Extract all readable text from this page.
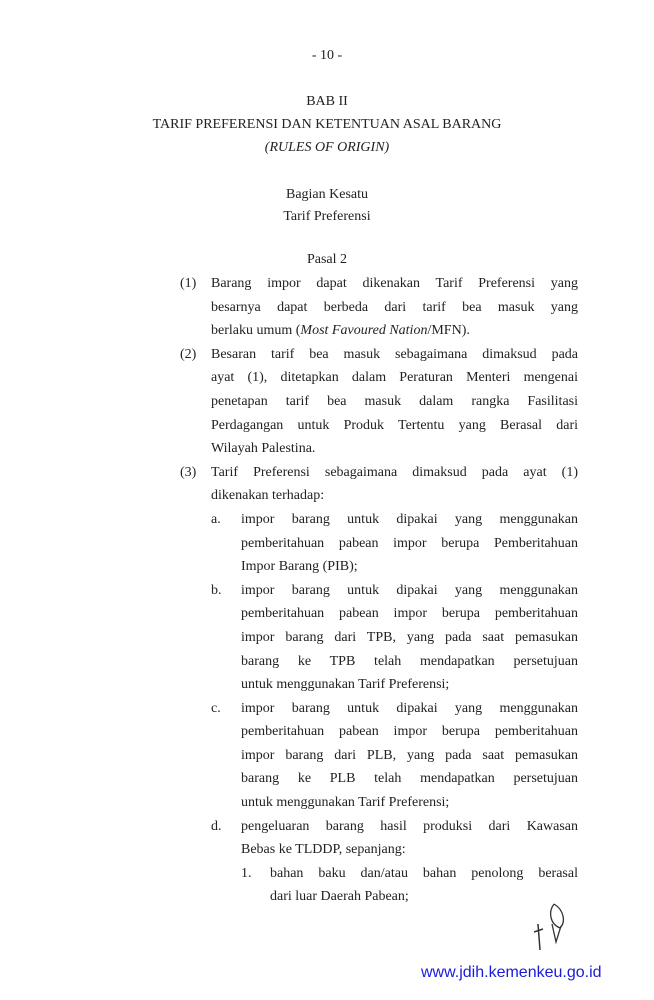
- 10 -
BAB II
TARIF PREFERENSI DAN KETENTUAN ASAL BARANG
(RULES OF ORIGIN)
Bagian Kesatu
Tarif Preferensi
Pasal 2
(1) Barang impor dapat dikenakan Tarif Preferensi yang
besarnya dapat berbeda dari tarif bea masuk yang
berlaku umum (Most Favoured Nation/MFN).
(2) Besaran tarif bea masuk sebagaimana dimaksud pada
ayat (1), ditetapkan dalam Peraturan Menteri mengenai
penetapan tarif bea masuk dalam rangka Fasilitasi
Perdagangan untuk Produk Tertentu yang Berasal dari
Wilayah Palestina.
(3) Tarif Preferensi sebagaimana dimaksud pada ayat (1)
dikenakan terhadap:
a. impor barang untuk dipakai yang menggunakan
pemberitahuan pabean impor berupa Pemberitahuan
Impor Barang (PIB);
b. impor barang untuk dipakai yang menggunakan
pemberitahuan pabean impor berupa pemberitahuan
impor barang dari TPB, yang pada saat pemasukan
barang ke TPB telah mendapatkan persetujuan
untuk menggunakan Tarif Preferensi;
c. impor barang untuk dipakai yang menggunakan
pemberitahuan pabean impor berupa pemberitahuan
impor barang dari PLB, yang pada saat pemasukan
barang ke PLB telah mendapatkan persetujuan
untuk menggunakan Tarif Preferensi;
d. pengeluaran barang hasil produksi dari Kawasan
Bebas ke TLDDP, sepanjang:
1. bahan baku dan/atau bahan penolong berasal
dari luar Daerah Pabean;
www.jdih.kemenkeu.go.id
